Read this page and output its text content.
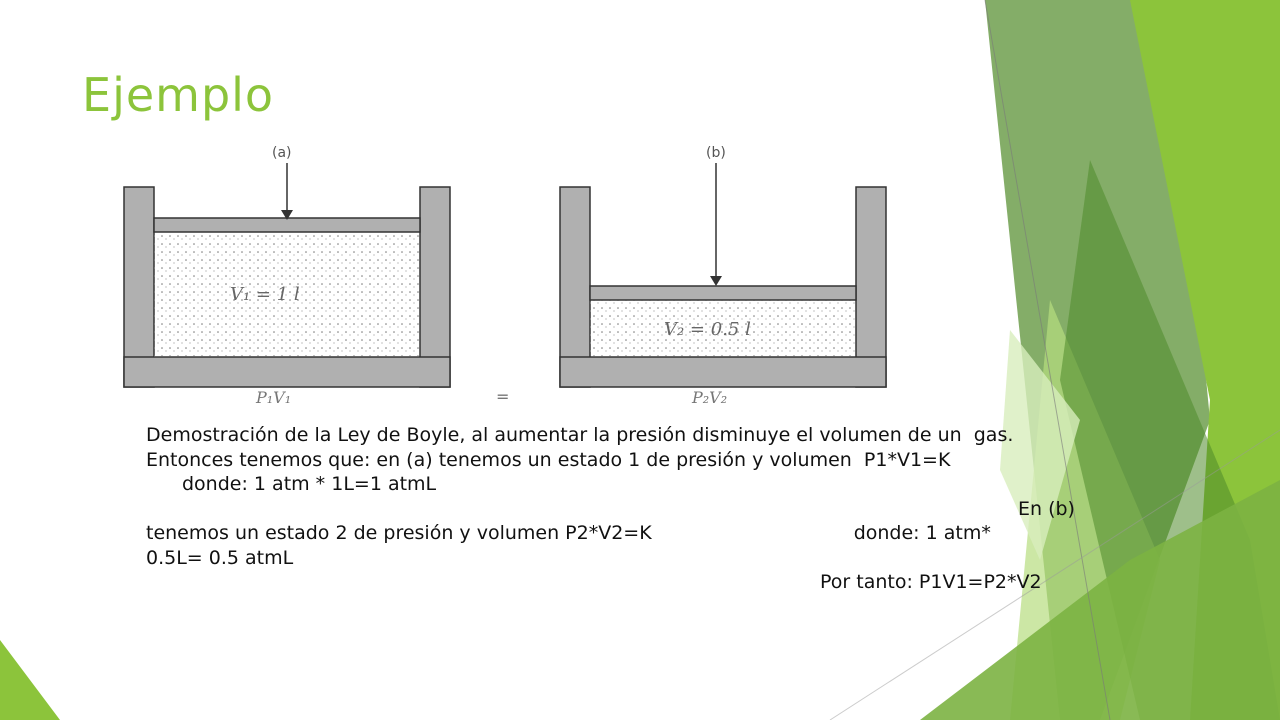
Ejemplo
(a)
V₁ = 1 l
(b)
V₂ = 0.5 l
P₁V₁	=	P₂V₂
Demostración de la Ley de Boyle, al aumentar la presión disminuye el volumen de un  gas.
Entonces tenemos que: en (a) tenemos un estado 1 de presión y volumen  P1*V1=K
donde: 1 atm * 1L=1 atmL
En (b)
tenemos un estado 2 de presión y volumen P2*V2=K	donde: 1 atm*
0.5L= 0.5 atmL
Por tanto: P1V1=P2*V2
